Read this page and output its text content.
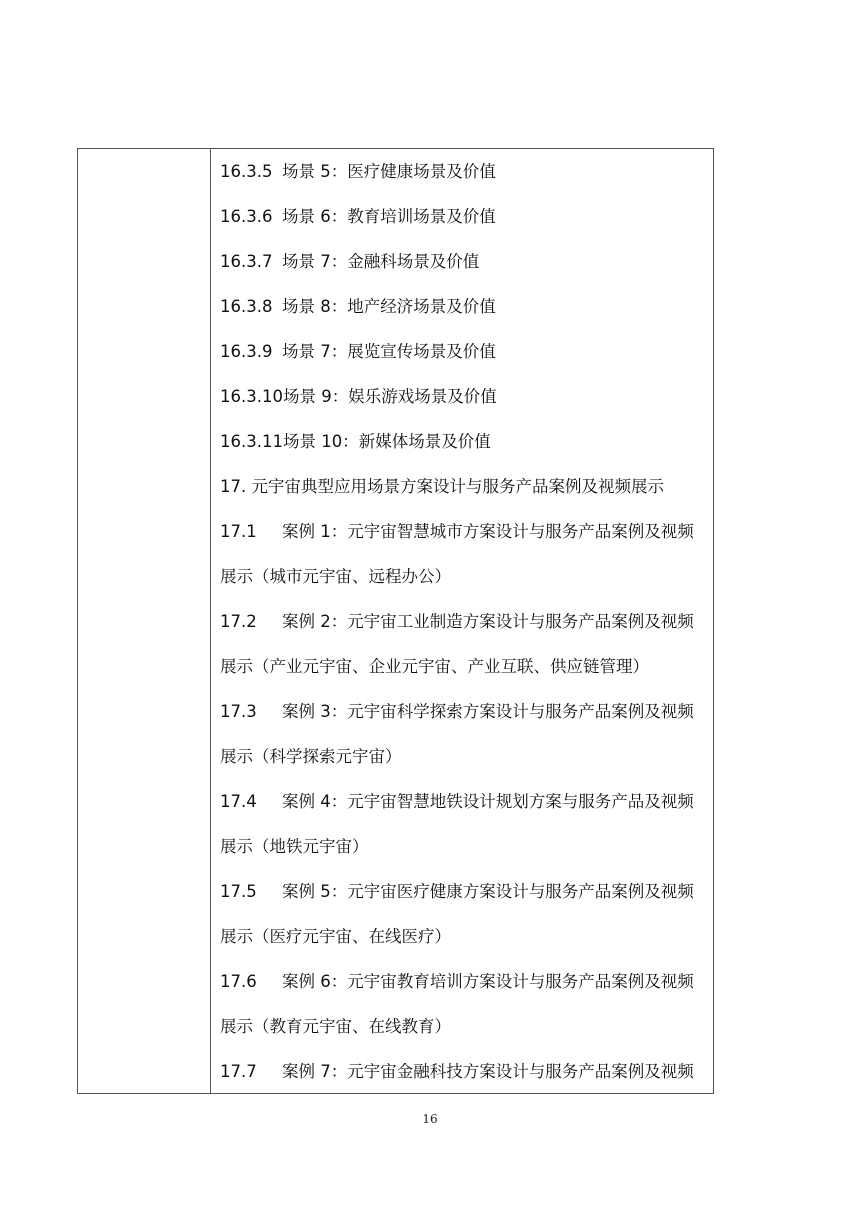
16.3.5 场景 5：医疗健康场景及价值
16.3.6 场景 6：教育培训场景及价值
16.3.7 场景 7：金融科场景及价值
16.3.8 场景 8：地产经济场景及价值
16.3.9 场景 7：展览宣传场景及价值
16.3.10场景 9：娱乐游戏场景及价值
16.3.11场景 10：新媒体场景及价值
17. 元宇宙典型应用场景方案设计与服务产品案例及视频展示
17.1 案例 1：元宇宙智慧城市方案设计与服务产品案例及视频
展示（城市元宇宙、远程办公）
17.2 案例 2：元宇宙工业制造方案设计与服务产品案例及视频
展示（产业元宇宙、企业元宇宙、产业互联、供应链管理）
17.3 案例 3：元宇宙科学探索方案设计与服务产品案例及视频
展示（科学探索元宇宙）
17.4 案例 4：元宇宙智慧地铁设计规划方案与服务产品及视频
展示（地铁元宇宙）
17.5 案例 5：元宇宙医疗健康方案设计与服务产品案例及视频
展示（医疗元宇宙、在线医疗）
17.6 案例 6：元宇宙教育培训方案设计与服务产品案例及视频
展示（教育元宇宙、在线教育）
17.7 案例 7：元宇宙金融科技方案设计与服务产品案例及视频
16
